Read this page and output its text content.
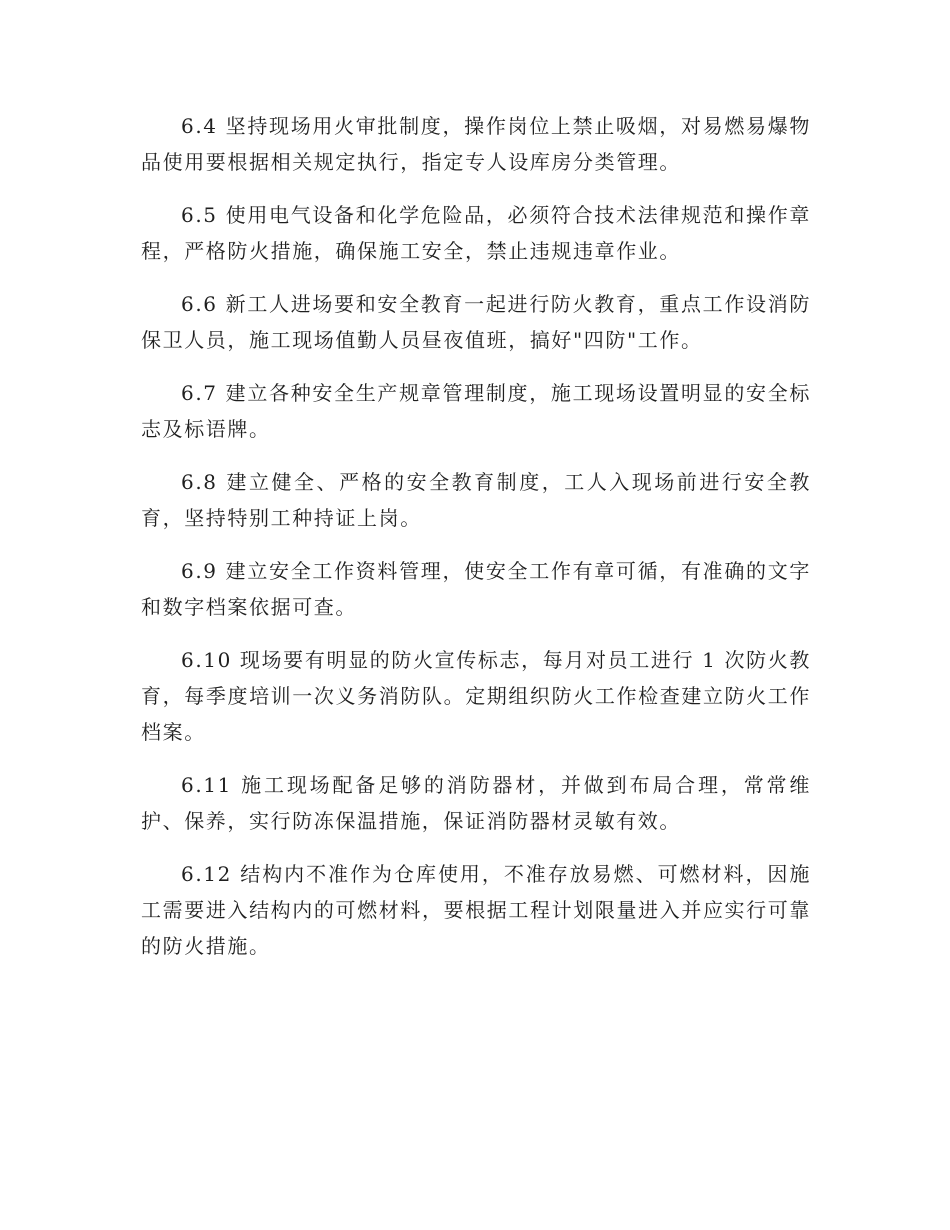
6.4 坚持现场用火审批制度，操作岗位上禁止吸烟，对易燃易爆物品使用要根据相关规定执行，指定专人设库房分类管理。

6.5 使用电气设备和化学危险品，必须符合技术法律规范和操作章程，严格防火措施，确保施工安全，禁止违规违章作业。

6.6 新工人进场要和安全教育一起进行防火教育，重点工作设消防保卫人员，施工现场值勤人员昼夜值班，搞好"四防"工作。

6.7 建立各种安全生产规章管理制度，施工现场设置明显的安全标志及标语牌。

6.8 建立健全、严格的安全教育制度，工人入现场前进行安全教育，坚持特别工种持证上岗。

6.9 建立安全工作资料管理，使安全工作有章可循，有准确的文字和数字档案依据可查。

6.10 现场要有明显的防火宣传标志，每月对员工进行 1 次防火教育，每季度培训一次义务消防队。定期组织防火工作检查建立防火工作档案。

6.11 施工现场配备足够的消防器材，并做到布局合理，常常维护、保养，实行防冻保温措施，保证消防器材灵敏有效。

6.12 结构内不准作为仓库使用，不准存放易燃、可燃材料，因施工需要进入结构内的可燃材料，要根据工程计划限量进入并应实行可靠的防火措施。
